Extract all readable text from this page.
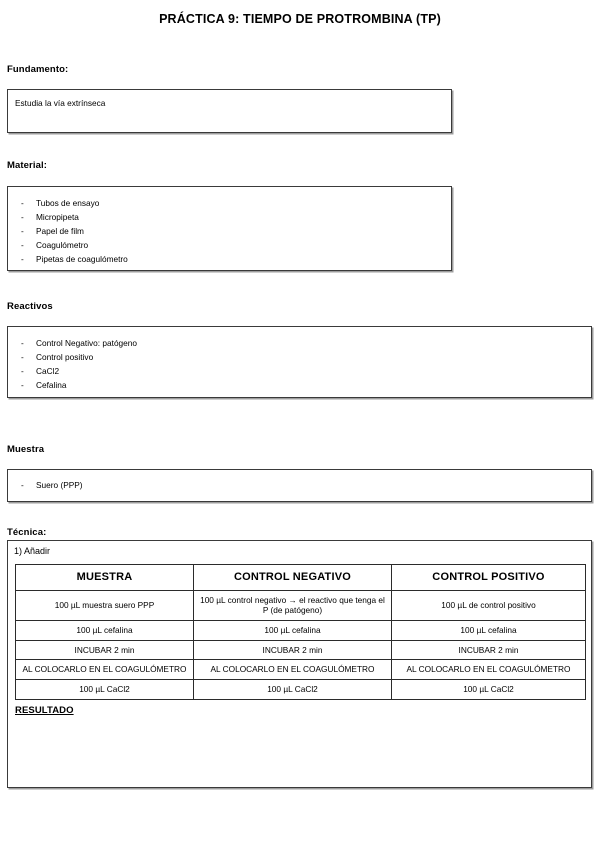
PRÁCTICA 9: TIEMPO DE PROTROMBINA (TP)
Fundamento:
Estudia la vía extrínseca
Material:
- Tubos de ensayo
- Micropipeta
- Papel de film
- Coagulómetro
- Pipetas de coagulómetro
Reactivos
- Control Negativo: patógeno
- Control positivo
- CaCl2
- Cefalina
Muestra
- Suero (PPP)
Técnica:
1) Añadir
MUESTRA	CONTROL NEGATIVO	CONTROL POSITIVO
100 µL muestra suero PPP	100 µL control negativo → el reactivo que tenga el P (de patógeno)	100 µL de control positivo
100 µL cefalina	100 µL cefalina	100 µL cefalina
INCUBAR 2 min	INCUBAR 2 min	INCUBAR 2 min
AL COLOCARLO EN EL COAGULÓMETRO	AL COLOCARLO EN EL COAGULÓMETRO	AL COLOCARLO EN EL COAGULÓMETRO
100 µL CaCl2	100 µL CaCl2	100 µL CaCl2
RESULTADO
